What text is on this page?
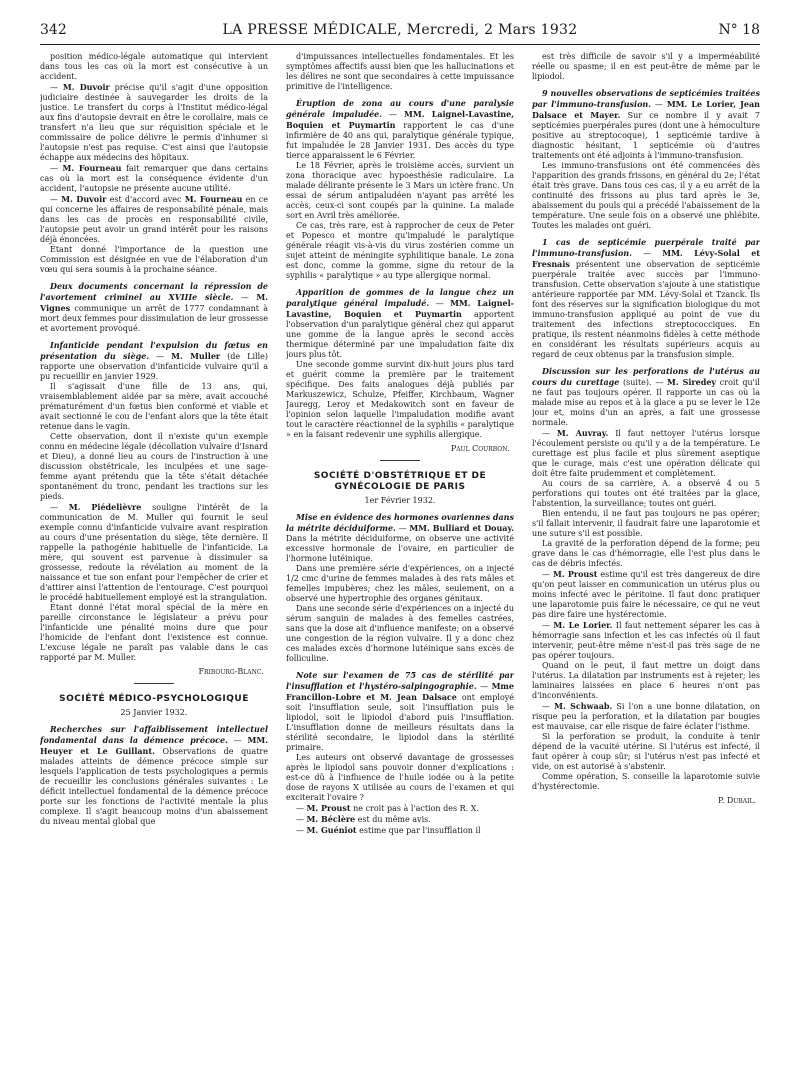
342	LA PRESSE MÉDICALE, Mercredi, 2 Mars 1932	N° 18

position médico-légale automatique qui intervient dans tous les cas où la mort est consécutive à un accident.

— M. Duvoir précise qu'il s'agit d'une opposition judiciaire destinée à sauvegarder les droits de la justice. Le transfert du corps à l'Institut médico-légal aux fins d'autopsie devrait en être le corollaire, mais ce transfert n'a lieu que sur réquisition spéciale et le commissaire de police délivre le permis d'inhumer si l'autopsie n'est pas requise. C'est ainsi que l'autopsie échappe aux médecins des hôpitaux.

— M. Fourneau fait remarquer que dans certains cas où la mort est la conséquence évidente d'un accident, l'autopsie ne présente aucune utilité.

— M. Duvoir est d'accord avec M. Fourneau en ce qui concerne les affaires de responsabilité pénale, mais dans les cas de procès en responsabilité civile, l'autopsie peut avoir un grand intérêt pour les raisons déjà énoncées.

Étant donné l'importance de la question une Commission est désignée en vue de l'élaboration d'un vœu qui sera soumis à la prochaine séance.

Deux documents concernant la répression de l'avortement criminel au XVIIIe siècle. — M. Vignes communique un arrêt de 1777 condamnant à mort deux femmes pour dissimulation de leur grossesse et avortement provoqué.

Infanticide pendant l'expulsion du fœtus en présentation du siège. — M. Muller (de Lille) rapporte une observation d'infanticide vulvaire qu'il a pu recueillir en janvier 1929.

Il s'agissait d'une fille de 13 ans, qui, vraisemblablement aidée par sa mère, avait accouché prématurément d'un fœtus bien conformé et viable et avait sectionné le cou de l'enfant alors que la tête était retenue dans le vagin.

Cette observation, dont il n'existe qu'un exemple connu en médecine légale (décollation vulvaire d'Isnard et Dieu), a donné lieu au cours de l'instruction à une discussion obstétricale, les inculpées et une sage-femme ayant prétendu que la tête s'était détachée spontanément du tronc, pendant les tractions sur les pieds.

— M. Piédelièvre souligne l'intérêt de la communication de M. Muller qui fournit le seul exemple connu d'infanticide vulvaire avant respiration au cours d'une présentation du siège, tête dernière. Il rappelle la pathogénie habituelle de l'infanticide. La mère, qui souvent est parvenue à dissimuler sa grossesse, redoute la révélation au moment de la naissance et tue son enfant pour l'empêcher de crier et d'attirer ainsi l'attention de l'entourage. C'est pourquoi le procédé habituellement employé est la strangulation.

Étant donné l'état moral spécial de la mère en pareille circonstance le législateur a prévu pour l'infanticide une pénalité moins dure que pour l'homicide de l'enfant dont l'existence est connue. L'excuse légale ne paraît pas valable dans le cas rapporté par M. Muller.

Fribourg-Blanc.

SOCIÉTÉ MÉDICO-PSYCHOLOGIQUE

25 Janvier 1932.

Recherches sur l'affaiblissement intellectuel fondamental dans la démence précoce. — MM. Heuyer et Le Guillant. Observations de quatre malades atteints de démence précoce simple sur lesquels l'application de tests psychologiques a permis de recueillir les conclusions générales suivantes : Le déficit intellectuel fondamental de la démence précoce porte sur les fonctions de l'activité mentale la plus complexe. Il s'agit beaucoup moins d'un abaissement du niveau mental global que

d'impuissances intellectuelles fondamentales. Et les symptômes affectifs aussi bien que les hallucinations et les délires ne sont que secondaires à cette impuissance primitive de l'intelligence.

Éruption de zona au cours d'une paralysie générale impaludée. — MM. Laignel-Lavastine, Boquien et Puymartin rapportent le cas d'une infirmière de 40 ans qui, paralytique générale typique, fut impaludée le 28 Janvier 1931. Des accès du type tierce apparaissent le 6 Février.

Le 18 Février, après le troisième accès, survient un zona thoracique avec hypoesthésie radiculaire. La malade délirante présente le 3 Mars un ictère franc. Un essai de sérum antipaludéen n'ayant pas arrêté les accès, ceux-ci sont coupés par la quinine. La malade sort en Avril très améliorée.

Ce cas, très rare, est à rapprocher de ceux de Peter et Popesco et montre qu'impaludé le paralytique générale réagit vis-à-vis du virus zostérien comme un sujet atteint de méningite syphilitique banale. Le zona est donc, comme la gomme, signe du retour de la syphilis « paralytique » au type allergique normal.

Apparition de gommes de la langue chez un paralytique général impaludé. — MM. Laignel-Lavastine, Boquien et Puymartin apportent l'observation d'un paralytique général chez qui apparut une gomme de la langue après le second accès thermique déterminé par une impaludation faite dix jours plus tôt.

Une seconde gomme survint dix-huit jours plus tard et guérit comme la première par le traitement spécifique. Des faits analogues déjà publiés par Markuszewicz, Schulze, Pfeiffer, Kirchbaum, Wagner Jauregg, Leroy et Medakowitch sont en faveur de l'opinion selon laquelle l'impaludation modifie avant tout le caractère réactionnel de la syphilis « paralytique » en la faisant redevenir une syphilis allergique.

Paul Courbon.

SOCIÉTÉ D'OBSTÉTRIQUE ET DE GYNÉCOLOGIE DE PARIS

1er Février 1932.

Mise en évidence des hormones ovariennes dans la métrite déciduiforme. — MM. Bulliard et Douay. Dans la métrite déciduiforme, on observe une activité excessive hormonale de l'ovaire, en particulier de l'hormone lutéinique.

Dans une première série d'expériences, on a injecté 1/2 cmc d'urine de femmes malades à des rats mâles et femelles impubères; chez les mâles, seulement, on a observé une hypertrophie des organes génitaux.

Dans une seconde série d'expériences on a injecté du sérum sanguin de malades à des femelles castrées, sans que la dose ait d'influence manifeste; on a observé une congestion de la région vulvaire. Il y a donc chez ces malades excès d'hormone lutéinique sans excès de folliculine.

Note sur l'examen de 75 cas de stérilité par l'insufflation et l'hystéro-salpingographie. — Mme Francillon-Lobre et M. Jean Dalsace ont employé soit l'insufflation seule, soit l'insufflation puis le lipiodol, soit le lipiodol d'abord puis l'insufflation. L'insufflation donne de meilleurs résultats dans la stérilité secondaire, le lipiodol dans la stérilité primaire.

Les auteurs ont observé davantage de grossesses après le lipiodol sans pouvoir donner d'explications : est-ce dû à l'influence de l'huile iodée ou à la petite dose de rayons X utilisée au cours de l'examen et qui exciterait l'ovaire ?

— M. Proust ne croit pas à l'action des R. X.

— M. Béclère est du même avis.

— M. Guéniot estime que par l'insufflation il

est très difficile de savoir s'il y a imperméabilité réelle ou spasme; il en est peut-être de même par le lipiodol.

9 nouvelles observations de septicémies traitées par l'immuno-transfusion. — MM. Le Lorier, Jean Dalsace et Mayer. Sur ce nombre il y avait 7 septicémies puerpérales pures (dont une à hémoculture positive au streptocoque), 1 septicémie tardive à diagnostic hésitant, 1 septicémie où d'autres traitements ont été adjoints à l'immuno-transfusion.

Les immuno-transfusions ont été commencées dès l'apparition des grands frissons, en général du 2e; l'état était très grave. Dans tous ces cas, il y a eu arrêt de la continuité des frissons au plus tard après le 3e, abaissement du pouls qui a précédé l'abaissement de la température. Une seule fois on a observé une phlébite. Toutes les malades ont guéri.

1 cas de septicémie puerpérale traité par l'immuno-transfusion. — MM. Lévy-Solal et Fresnais présentent une observation de septicémie puerpérale traitée avec succès par l'immuno-transfusion. Cette observation s'ajoute à une statistique antérieure rapportée par MM. Lévy-Solal et Tzanck. Ils font des réserves sur la signification biologique du mot immuno-transfusion appliqué au point de vue du traitement des infections streptococciques. En pratique, ils restent néanmoins fidèles à cette méthode en considérant les résultats supérieurs acquis au regard de ceux obtenus par la transfusion simple.

Discussion sur les perforations de l'utérus au cours du curettage (suite). — M. Siredey croit qu'il ne faut pas toujours opérer. Il rapporte un cas où la malade mise au repos et à la glace a pu se lever le 12e jour et, moins d'un an après, a fait une grossesse normale.

— M. Auvray. Il faut nettoyer l'utérus lorsque l'écoulement persiste ou qu'il y a de la température. Le curettage est plus facile et plus sûrement aseptique que le curage, mais c'est une opération délicate qui doit être faite prudemment et complètement.

Au cours de sa carrière, A. a observé 4 ou 5 perforations qui toutes ont été traitées par la glace, l'abstention, la surveillance; toutes ont guéri.

Bien entendu, il ne faut pas toujours ne pas opérer; s'il fallait intervenir, il faudrait faire une laparotomie et une suture s'il est possible.

La gravité de la perforation dépend de la forme; peu grave dans le cas d'hémorragie, elle l'est plus dans le cas de débris infectés.

— M. Proust estime qu'il est très dangereux de dire qu'on peut laisser en communication un utérus plus ou moins infecté avec le péritoine. Il faut donc pratiquer une laparotomie puis faire le nécessaire, ce qui ne veut pas dire faire une hystérectomie.

— M. Le Lorier. Il faut nettement séparer les cas à hémorragie sans infection et les cas infectés où il faut intervenir, peut-être même n'est-il pas très sage de ne pas opérer toujours.

Quand on le peut, il faut mettre un doigt dans l'utérus. La dilatation par instruments est à rejeter; les laminaires laissées en place 6 heures n'ont pas d'inconvénients.

— M. Schwaab. Si l'on a une bonne dilatation, on risque peu la perforation, et la dilatation par bougies est mauvaise, car elle risque de faire éclater l'isthme.

Si la perforation se produit, la conduite à tenir dépend de la vacuité utérine. Si l'utérus est infecté, il faut opérer à coup sûr; si l'utérus n'est pas infecté et vide, on est autorisé à s'abstenir.

Comme opération, S. conseille la laparotomie suivie d'hystérectomie.

P. Dubail.
